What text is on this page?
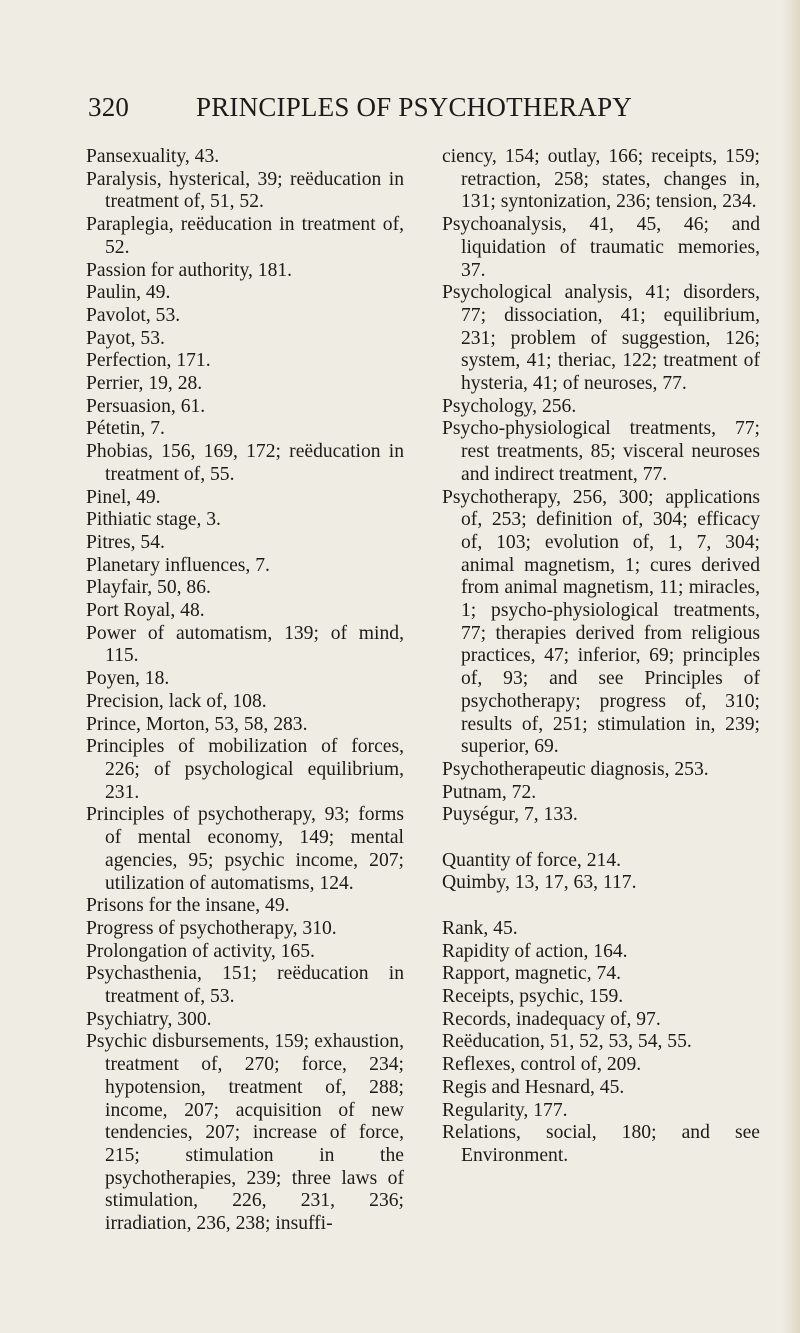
320 PRINCIPLES OF PSYCHOTHERAPY

Pansexuality, 43.

Paralysis, hysterical, 39; reëducation in treatment of, 51, 52.

Paraplegia, reëducation in treatment of, 52.

Passion for authority, 181.

Paulin, 49.

Pavolot, 53.

Payot, 53.

Perfection, 171.

Perrier, 19, 28.

Persuasion, 61.

Pétetin, 7.

Phobias, 156, 169, 172; reëducation in treatment of, 55.

Pinel, 49.

Pithiatic stage, 3.

Pitres, 54.

Planetary influences, 7.

Playfair, 50, 86.

Port Royal, 48.

Power of automatism, 139; of mind, 115.

Poyen, 18.

Precision, lack of, 108.

Prince, Morton, 53, 58, 283.

Principles of mobilization of forces, 226; of psychological equilibrium, 231.

Principles of psychotherapy, 93; forms of mental economy, 149; mental agencies, 95; psychic income, 207; utilization of automatisms, 124.

Prisons for the insane, 49.

Progress of psychotherapy, 310.

Prolongation of activity, 165.

Psychasthenia, 151; reëducation in treatment of, 53.

Psychiatry, 300.

Psychic disbursements, 159; exhaustion, treatment of, 270; force, 234; hypotension, treatment of, 288; income, 207; acquisition of new tendencies, 207; increase of force, 215; stimulation in the psychotherapies, 239; three laws of stimulation, 226, 231, 236; irradiation, 236, 238; insuffi-

ciency, 154; outlay, 166; receipts, 159; retraction, 258; states, changes in, 131; syntonization, 236; tension, 234.

Psychoanalysis, 41, 45, 46; and liquidation of traumatic memories, 37.

Psychological analysis, 41; disorders, 77; dissociation, 41; equilibrium, 231; problem of suggestion, 126; system, 41; theriac, 122; treatment of hysteria, 41; of neuroses, 77.

Psychology, 256.

Psycho-physiological treatments, 77; rest treatments, 85; visceral neuroses and indirect treatment, 77.

Psychotherapy, 256, 300; applications of, 253; definition of, 304; efficacy of, 103; evolution of, 1, 7, 304; animal magnetism, 1; cures derived from animal magnetism, 11; miracles, 1; psycho-physiological treatments, 77; therapies derived from religious practices, 47; inferior, 69; principles of, 93; and see Principles of psychotherapy; progress of, 310; results of, 251; stimulation in, 239; superior, 69.

Psychotherapeutic diagnosis, 253.

Putnam, 72.

Puységur, 7, 133.

Quantity of force, 214.

Quimby, 13, 17, 63, 117.

Rank, 45.

Rapidity of action, 164.

Rapport, magnetic, 74.

Receipts, psychic, 159.

Records, inadequacy of, 97.

Reëducation, 51, 52, 53, 54, 55.

Reflexes, control of, 209.

Regis and Hesnard, 45.

Regularity, 177.

Relations, social, 180; and see Environment.
